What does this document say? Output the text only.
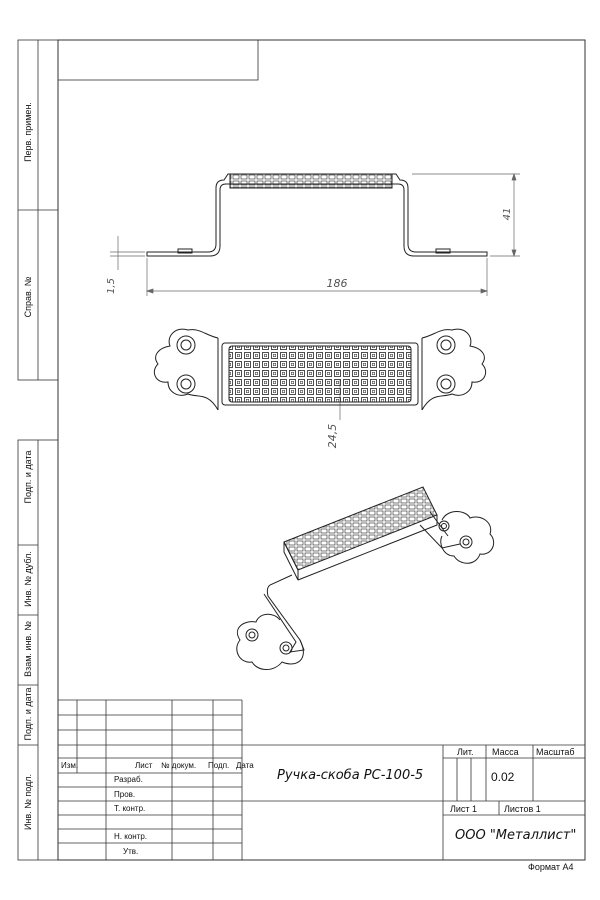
41
1,5	186
24,5
Перв. примен.
Справ. №
Подп. и дата
Инв. № дубл.
Взам. инв. №
Подп. и дата
Инв. № подл.
Изм.	Лист № докум. Подп. Дата
Разраб.
Пров.
Т. контр.
Н. контр.
Утв.
Ручка-скоба РС-100-5
Лит. Масса Масштаб
0.02
Лист 1	Листов 1
ООО "Металлист"
Формат А4
